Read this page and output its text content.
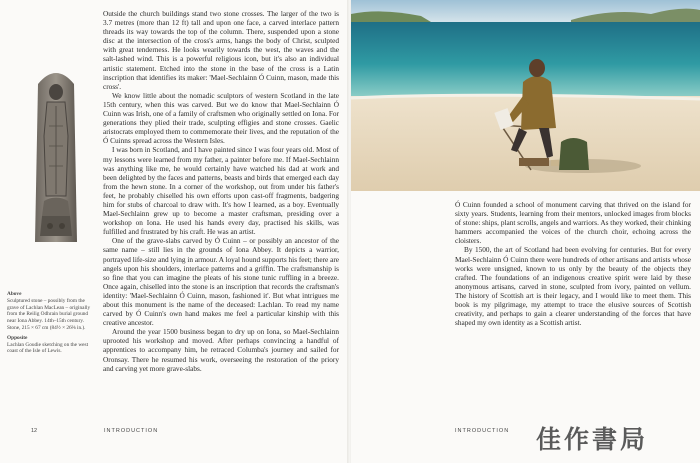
Above
Sculptured stone – possibly from the grave of Lachlan MacLean – originally from the Reilig Odhrain burial ground near Iona Abbey. 14th–15th century. Stone, 215 × 67 cm (84½ × 26⅜ in.).
Opposite
Lachlan Goudie sketching on the west coast of the Isle of Lewis.

Outside the church buildings stand two stone crosses. The larger of the two is 3.7 metres (more than 12 ft) tall and upon one face, a carved interlace pattern threads its way towards the top of the column. There, suspended upon a stone disc at the intersection of the cross's arms, hangs the body of Christ, sculpted with great tenderness. He looks wearily towards the west, the waves and the salt-lashed wind. This is a powerful religious icon, but it's also an individual artistic statement. Etched into the stone in the base of the cross is a Latin inscription that identifies its maker: 'Mael-Sechlainn Ó Cuinn, mason, made this cross'.

We know little about the nomadic sculptors of western Scotland in the late 15th century, when this was carved. But we do know that Mael-Sechlainn Ó Cuinn was Irish, one of a family of craftsmen who originally settled on Iona. For generations they plied their trade, sculpting effigies and stone crosses. Gaelic aristocrats employed them to commemorate their lives, and the reputation of the Ó Cuinns spread across the Western Isles.

I was born in Scotland, and I have painted since I was four years old. Most of my lessons were learned from my father, a painter before me. If Mael-Sechlainn was anything like me, he would certainly have watched his dad at work and been delighted by the faces and patterns, beasts and birds that emerged each day from the hewn stone. In a corner of the workshop, out from under his father's feet, he probably chiselled his own efforts upon cast-off fragments, badgering him for stubs of charcoal to draw with. It's how I learned, as a boy. Eventually Mael-Sechlainn grew up to become a master craftsman, presiding over a workshop on Iona. He used his hands every day, practised his skills, was fulfilled and frustrated by his craft. He was an artist.

One of the grave-slabs carved by Ó Cuinn – or possibly an ancestor of the same name – still lies in the grounds of Iona Abbey. It depicts a warrior, portrayed life-size and lying in armour. A loyal hound supports his feet; there are angels upon his shoulders, interlace patterns and a griffin. The craftsmanship is so fine that you can imagine the pleats of his stone tunic ruffling in a breeze. Once again, chiselled into the stone is an inscription that records the craftsman's identity: 'Mael-Sechlainn Ó Cuinn, mason, fashioned it'. But what intrigues me about this monument is the name of the deceased: Lachlan. To read my name carved by Ó Cuinn's own hand makes me feel a particular kinship with this creative ancestor.

Around the year 1500 business began to dry up on Iona, so Mael-Sechlainn uprooted his workshop and moved. After perhaps convincing a handful of apprentices to accompany him, he retraced Columba's journey and sailed for Oronsay. There he resumed his work, overseeing the restoration of the priory and carving yet more grave-slabs.

12	INTRODUCTION

Ó Cuinn founded a school of monument carving that thrived on the island for sixty years. Students, learning from their mentors, unlocked images from blocks of stone: ships, plant scrolls, angels and warriors. As they worked, their chinking hammers accompanied the voices of the church choir, echoing across the cloisters.

By 1500, the art of Scotland had been evolving for centuries. But for every Mael-Sechlainn Ó Cuinn there were hundreds of other artisans and artists whose works were unsigned, known to us only by the beauty of the objects they crafted. The foundations of an indigenous creative spirit were laid by these anonymous artisans, carved in stone, sculpted from ivory, painted on vellum. The history of Scottish art is their legacy, and I would like to meet them. This book is my pilgrimage, my attempt to trace the elusive sources of Scottish creativity, and perhaps to gain a clearer understanding of the forces that have shaped my own identity as a Scottish artist.

INTRODUCTION 佳作書局
